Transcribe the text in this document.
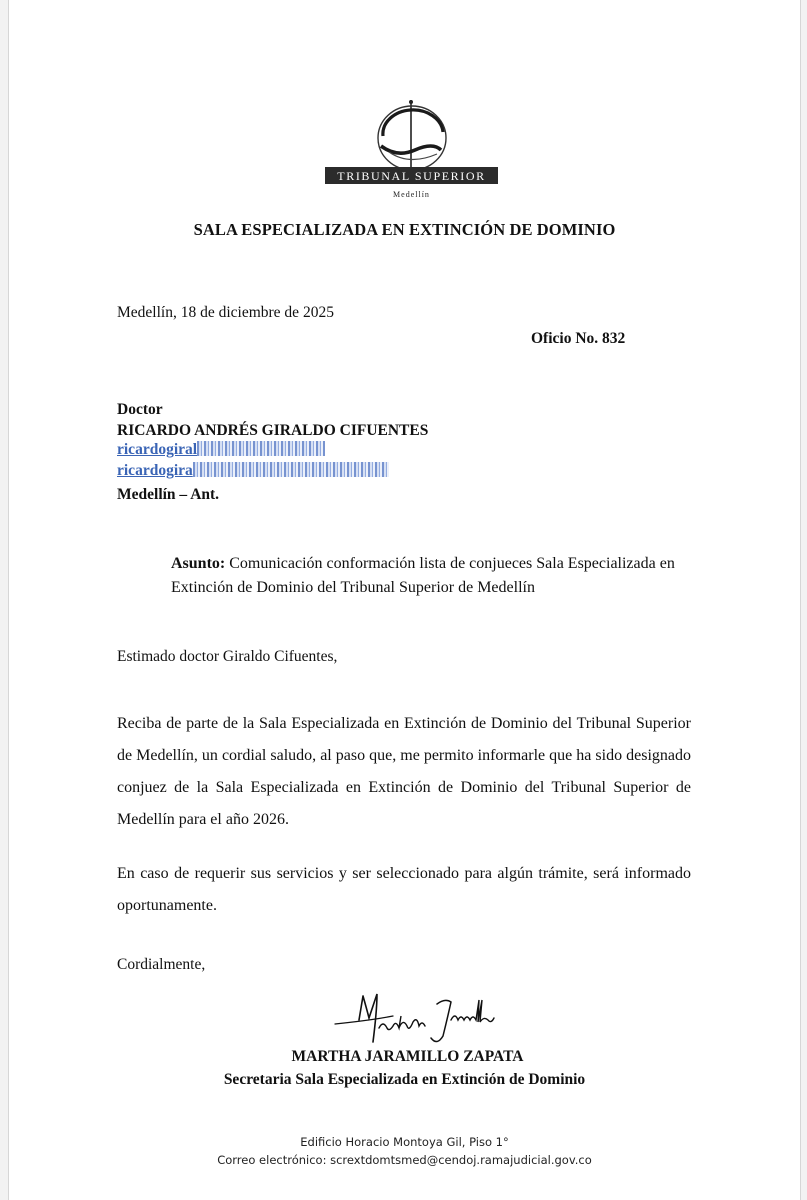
TRIBUNAL SUPERIOR
Medellín
SALA ESPECIALIZADA EN EXTINCIÓN DE DOMINIO
Medellín, 18 de diciembre de 2025
Oficio No. 832
Doctor
RICARDO ANDRÉS GIRALDO CIFUENTES
ricardogiral
ricardogira
Medellín – Ant.
Asunto: Comunicación conformación lista de conjueces Sala Especializada en Extinción de Dominio del Tribunal Superior de Medellín
Estimado doctor Giraldo Cifuentes,
Reciba de parte de la Sala Especializada en Extinción de Dominio del Tribunal Superior de Medellín, un cordial saludo, al paso que, me permito informarle que ha sido designado conjuez de la Sala Especializada en Extinción de Dominio del Tribunal Superior de Medellín para el año 2026.
En caso de requerir sus servicios y ser seleccionado para algún trámite, será informado oportunamente.
Cordialmente,
MARTHA JARAMILLO ZAPATA
Secretaria Sala Especializada en Extinción de Dominio
Edificio Horacio Montoya Gil, Piso 1°
Correo electrónico: scrextdomtsmed@cendoj.ramajudicial.gov.co
